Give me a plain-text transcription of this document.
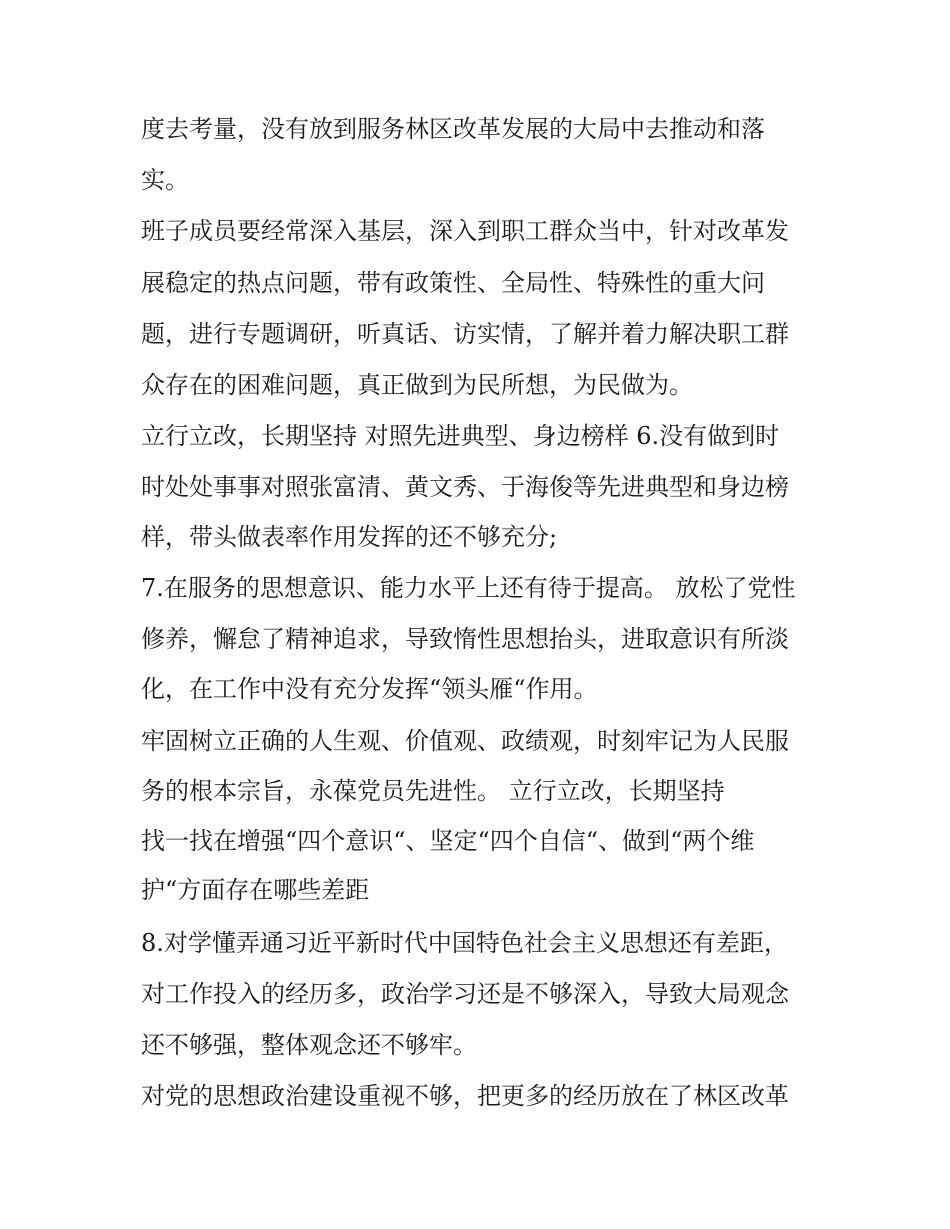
度去考量，没有放到服务林区改革发展的大局中去推动和落

实。

班子成员要经常深入基层，深入到职工群众当中，针对改革发

展稳定的热点问题，带有政策性、全局性、特殊性的重大问

题，进行专题调研，听真话、访实情，了解并着力解决职工群

众存在的困难问题，真正做到为民所想，为民做为。

立行立改，长期坚持 对照先进典型、身边榜样 6.没有做到时

时处处事事对照张富清、黄文秀、于海俊等先进典型和身边榜

样，带头做表率作用发挥的还不够充分;

7.在服务的思想意识、能力水平上还有待于提高。 放松了党性

修养，懈怠了精神追求，导致惰性思想抬头，进取意识有所淡

化，在工作中没有充分发挥“领头雁“作用。

牢固树立正确的人生观、价值观、政绩观，时刻牢记为人民服

务的根本宗旨，永葆党员先进性。 立行立改，长期坚持

找一找在增强“四个意识“、坚定“四个自信“、做到“两个维

护“方面存在哪些差距

8.对学懂弄通习近平新时代中国特色社会主义思想还有差距，

对工作投入的经历多，政治学习还是不够深入，导致大局观念

还不够强，整体观念还不够牢。

对党的思想政治建设重视不够，把更多的经历放在了林区改革
